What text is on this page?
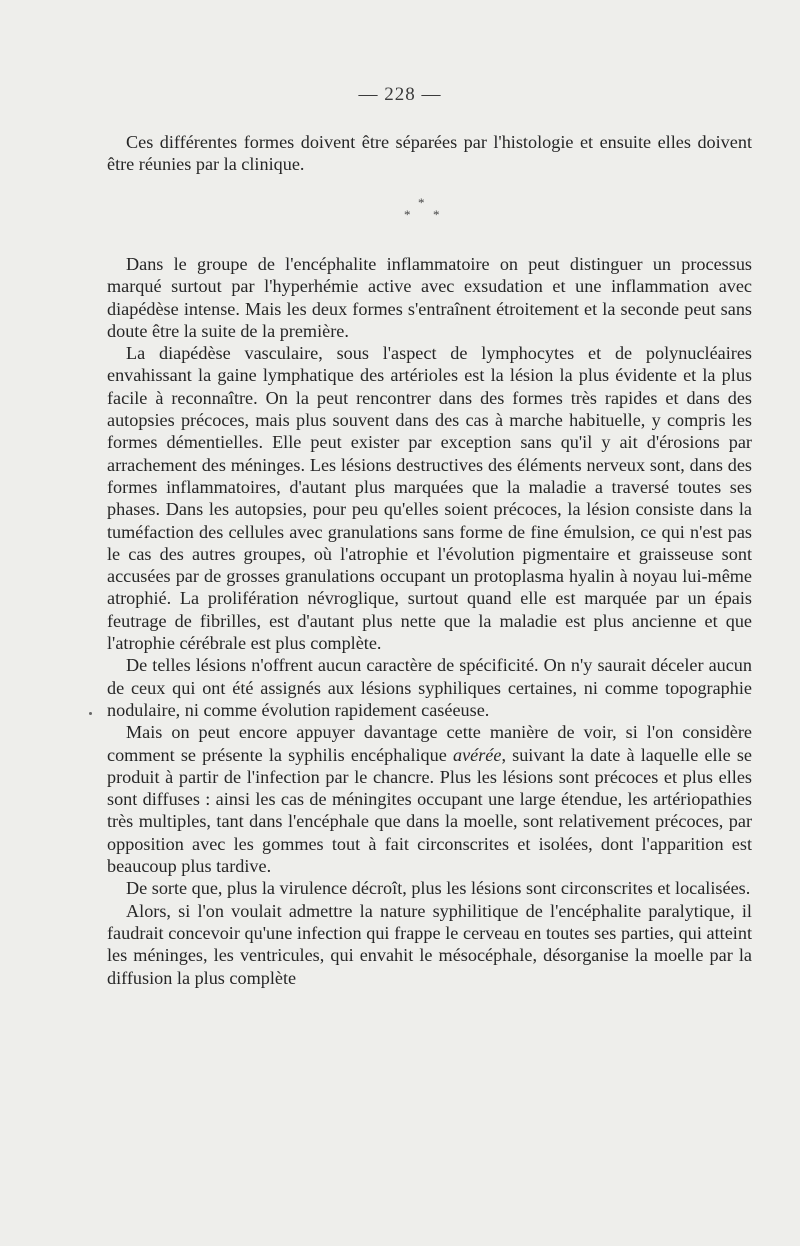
— 228 —

Ces différentes formes doivent être séparées par l'histologie et ensuite elles doivent être réunies par la clinique.

*
* *

Dans le groupe de l'encéphalite inflammatoire on peut distinguer un processus marqué surtout par l'hyperhémie active avec exsudation et une inflammation avec diapédèse intense. Mais les deux formes s'entraînent étroitement et la seconde peut sans doute être la suite de la première.

La diapédèse vasculaire, sous l'aspect de lymphocytes et de polynucléaires envahissant la gaine lymphatique des artérioles est la lésion la plus évidente et la plus facile à reconnaître. On la peut rencontrer dans des formes très rapides et dans des autopsies précoces, mais plus souvent dans des cas à marche habituelle, y compris les formes démentielles. Elle peut exister par exception sans qu'il y ait d'érosions par arrachement des méninges. Les lésions destructives des éléments nerveux sont, dans des formes inflammatoires, d'autant plus marquées que la maladie a traversé toutes ses phases. Dans les autopsies, pour peu qu'elles soient précoces, la lésion consiste dans la tuméfaction des cellules avec granulations sans forme de fine émulsion, ce qui n'est pas le cas des autres groupes, où l'atrophie et l'évolution pigmentaire et graisseuse sont accusées par de grosses granulations occupant un protoplasma hyalin à noyau lui-même atrophié. La prolifération névroglique, surtout quand elle est marquée par un épais feutrage de fibrilles, est d'autant plus nette que la maladie est plus ancienne et que l'atrophie cérébrale est plus complète.

De telles lésions n'offrent aucun caractère de spécificité. On n'y saurait déceler aucun de ceux qui ont été assignés aux lésions syphiliques certaines, ni comme topographie nodulaire, ni comme évolution rapidement caséeuse.

Mais on peut encore appuyer davantage cette manière de voir, si l'on considère comment se présente la syphilis encéphalique avérée, suivant la date à laquelle elle se produit à partir de l'infection par le chancre. Plus les lésions sont précoces et plus elles sont diffuses : ainsi les cas de méningites occupant une large étendue, les artériopathies très multiples, tant dans l'encéphale que dans la moelle, sont relativement précoces, par opposition avec les gommes tout à fait circonscrites et isolées, dont l'apparition est beaucoup plus tardive.

De sorte que, plus la virulence décroît, plus les lésions sont circonscrites et localisées.

Alors, si l'on voulait admettre la nature syphilitique de l'encéphalite paralytique, il faudrait concevoir qu'une infection qui frappe le cerveau en toutes ses parties, qui atteint les méninges, les ventricules, qui envahit le mésocéphale, désorganise la moelle par la diffusion la plus complète
